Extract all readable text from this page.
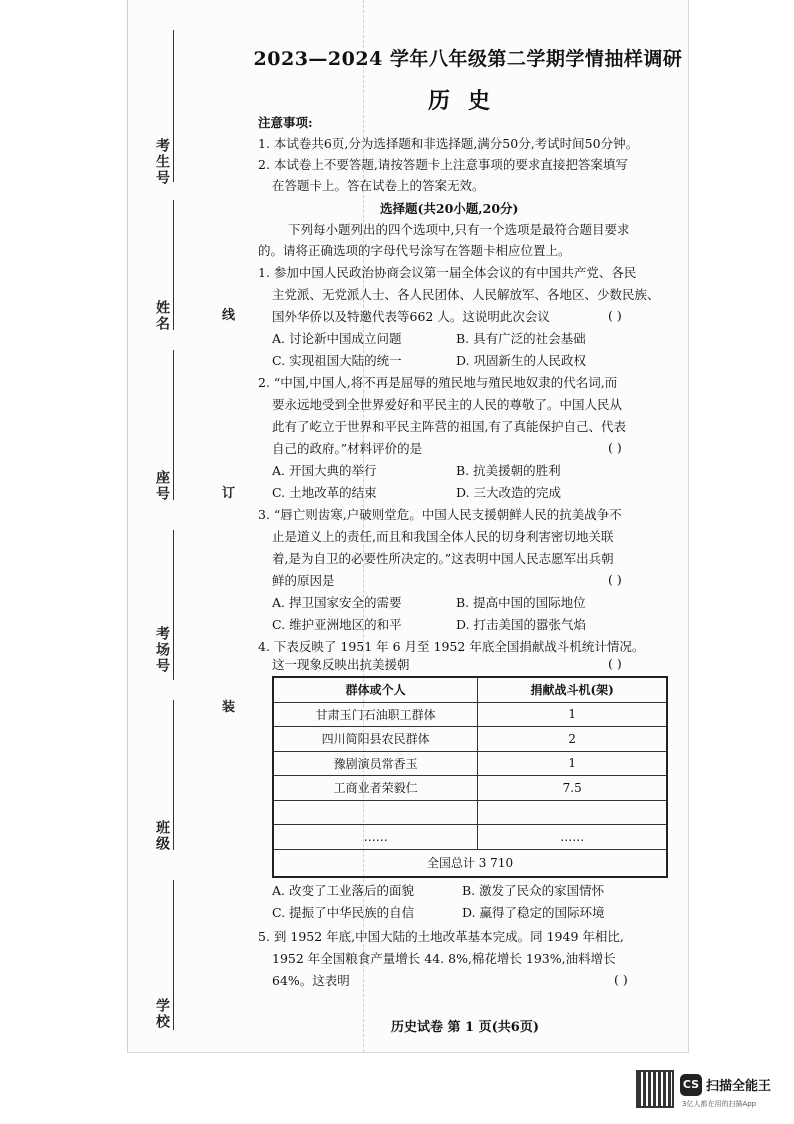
考生号
姓名
座号
考场号
班级
学校
线
订
装
2023—2024 学年八年级第二学期学情抽样调研
历史
注意事项:
1. 本试卷共6页,分为选择题和非选择题,满分50分,考试时间50分钟。
2. 本试卷上不要答题,请按答题卡上注意事项的要求直接把答案填写
在答题卡上。答在试卷上的答案无效。
选择题(共20小题,20分)
下列每小题列出的四个选项中,只有一个选项是最符合题目要求
的。请将正确选项的字母代号涂写在答题卡相应位置上。
1. 参加中国人民政治协商会议第一届全体会议的有中国共产党、各民
主党派、无党派人士、各人民团体、人民解放军、各地区、少数民族、
国外华侨以及特邀代表等662 人。这说明此次会议	( )
A. 讨论新中国成立问题	B. 具有广泛的社会基础
C. 实现祖国大陆的统一	D. 巩固新生的人民政权
2. “中国,中国人,将不再是屈辱的殖民地与殖民地奴隶的代名词,而
要永远地受到全世界爱好和平民主的人民的尊敬了。中国人民从
此有了屹立于世界和平民主阵营的祖国,有了真能保护自己、代表
自己的政府。”材料评价的是	( )
A. 开国大典的举行	B. 抗美援朝的胜利
C. 土地改革的结束	D. 三大改造的完成
3. “唇亡则齿寒,户破则堂危。中国人民支援朝鲜人民的抗美战争不
止是道义上的责任,而且和我国全体人民的切身利害密切地关联
着,是为自卫的必要性所决定的。”这表明中国人民志愿军出兵朝
鲜的原因是	( )
A. 捍卫国家安全的需要	B. 提高中国的国际地位
C. 维护亚洲地区的和平	D. 打击美国的嚣张气焰
4. 下表反映了 1951 年 6 月至 1952 年底全国捐献战斗机统计情况。
这一现象反映出抗美援朝	( )
群体或个人	捐献战斗机(架)
甘肃玉门石油职工群体	1
四川简阳县农民群体	2
豫剧演员常香玉	1
工商业者荣毅仁	7.5

……	……
全国总计 3 710	
A. 改变了工业落后的面貌	B. 激发了民众的家国情怀
C. 提振了中华民族的自信	D. 赢得了稳定的国际环境
5. 到 1952 年底,中国大陆的土地改革基本完成。同 1949 年相比,
1952 年全国粮食产量增长 44. 8%,棉花增长 193%,油料增长
64%。这表明	( )
历史试卷 第 1 页(共6页)
CS 扫描全能王
3亿人都在用的扫描App
